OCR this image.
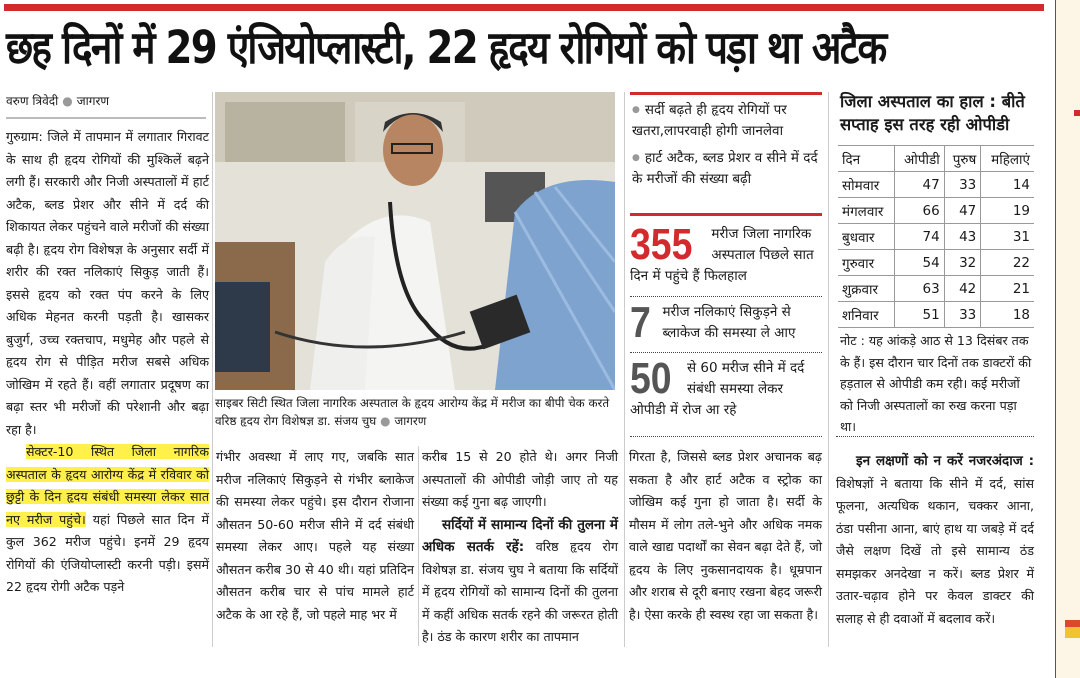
छह दिनों में 29 एंजियोप्लास्टी, 22 हृदय रोगियों को पड़ा था अटैक
वरुण त्रिवेदी ● जागरण
गुरुग्राम: जिले में तापमान में लगातार गिरावट के साथ ही हृदय रोगियों की मुश्किलें बढ़ने लगी हैं। सरकारी और निजी अस्पतालों में हार्ट अटैक, ब्लड प्रेशर और सीने में दर्द की शिकायत लेकर पहुंचने वाले मरीजों की संख्या बढ़ी है। हृदय रोग विशेषज्ञ के अनुसार सर्दी में शरीर की रक्त नलिकाएं सिकुड़ जाती हैं। इससे हृदय को रक्त पंप करने के लिए अधिक मेहनत करनी पड़ती है। खासकर बुजुर्ग, उच्च रक्तचाप, मधुमेह और पहले से हृदय रोग से पीड़ित मरीज सबसे अधिक जोखिम में रहते हैं। वहीं लगातार प्रदूषण का बढ़ा स्तर भी मरीजों की परेशानी और बढ़ा रहा है।
सेक्टर-10 स्थित जिला नागरिक अस्पताल के हृदय आरोग्य केंद्र में रविवार को छुट्टी के दिन हृदय संबंधी समस्या लेकर सात नए मरीज पहुंचे। यहां पिछले सात दिन में कुल 362 मरीज पहुंचे। इनमें 29 हृदय रोगियों की एंजियोप्लास्टी करनी पड़ी। इसमें 22 हृदय रोगी अटैक पड़ने
साइबर सिटी स्थित जिला नागरिक अस्पताल के हृदय आरोग्य केंद्र में मरीज का बीपी चेक करते वरिष्ठ हृदय रोग विशेषज्ञ डा. संजय चुघ ● जागरण
गंभीर अवस्था में लाए गए, जबकि सात मरीज नलिकाएं सिकुड़ने से गंभीर ब्लाकेज की समस्या लेकर पहुंचे। इस दौरान रोजाना औसतन 50-60 मरीज सीने में दर्द संबंधी समस्या लेकर आए। पहले यह संख्या औसतन करीब 30 से 40 थी। यहां प्रतिदिन औसतन करीब चार से पांच मामले हार्ट अटैक के आ रहे हैं, जो पहले माह भर में
करीब 15 से 20 होते थे। अगर निजी अस्पतालों की ओपीडी जोड़ी जाए तो यह संख्या कई गुना बढ़ जाएगी।
सर्दियों में सामान्य दिनों की तुलना में अधिक सतर्क रहें: वरिष्ठ हृदय रोग विशेषज्ञ डा. संजय चुघ ने बताया कि सर्दियों में हृदय रोगियों को सामान्य दिनों की तुलना में कहीं अधिक सतर्क रहने की जरूरत होती है। ठंड के कारण शरीर का तापमान
● सर्दी बढ़ते ही हृदय रोगियों पर खतरा,लापरवाही होगी जानलेवा
● हार्ट अटैक, ब्लड प्रेशर व सीने में दर्द के मरीजों की संख्या बढ़ी
355 मरीज जिला नागरिक अस्पताल पिछले सात दिन में पहुंचे हैं फिलहाल
7 मरीज नलिकाएं सिकुड़ने से ब्लाकेज की समस्या ले आए
50 से 60 मरीज सीने में दर्द संबंधी समस्या लेकर ओपीडी में रोज आ रहे
गिरता है, जिससे ब्लड प्रेशर अचानक बढ़ सकता है और हार्ट अटैक व स्ट्रोक का जोखिम कई गुना हो जाता है। सर्दी के मौसम में लोग तले-भुने और अधिक नमक वाले खाद्य पदार्थों का सेवन बढ़ा देते हैं, जो हृदय के लिए नुकसानदायक है। धूम्रपान और शराब से दूरी बनाए रखना बेहद जरूरी है। ऐसा करके ही स्वस्थ रहा जा सकता है।
जिला अस्पताल का हाल : बीते सप्ताह इस तरह रही ओपीडी
दिन	ओपीडी	पुरुष	महिलाएं
सोमवार	47	33	14
मंगलवार	66	47	19
बुधवार	74	43	31
गुरुवार	54	32	22
शुक्रवार	63	42	21
शनिवार	51	33	18
नोट : यह आंकड़े आठ से 13 दिसंबर तक के हैं। इस दौरान चार दिनों तक डाक्टरों की हड़ताल से ओपीडी कम रही। कई मरीजों को निजी अस्पतालों का रुख करना पड़ा था।
इन लक्षणों को न करें नजरअंदाज : विशेषज्ञों ने बताया कि सीने में दर्द, सांस फूलना, अत्यधिक थकान, चक्कर आना, ठंडा पसीना आना, बाएं हाथ या जबड़े में दर्द जैसे लक्षण दिखें तो इसे सामान्य ठंड समझकर अनदेखा न करें। ब्लड प्रेशर में उतार-चढ़ाव होने पर केवल डाक्टर की सलाह से ही दवाओं में बदलाव करें।
